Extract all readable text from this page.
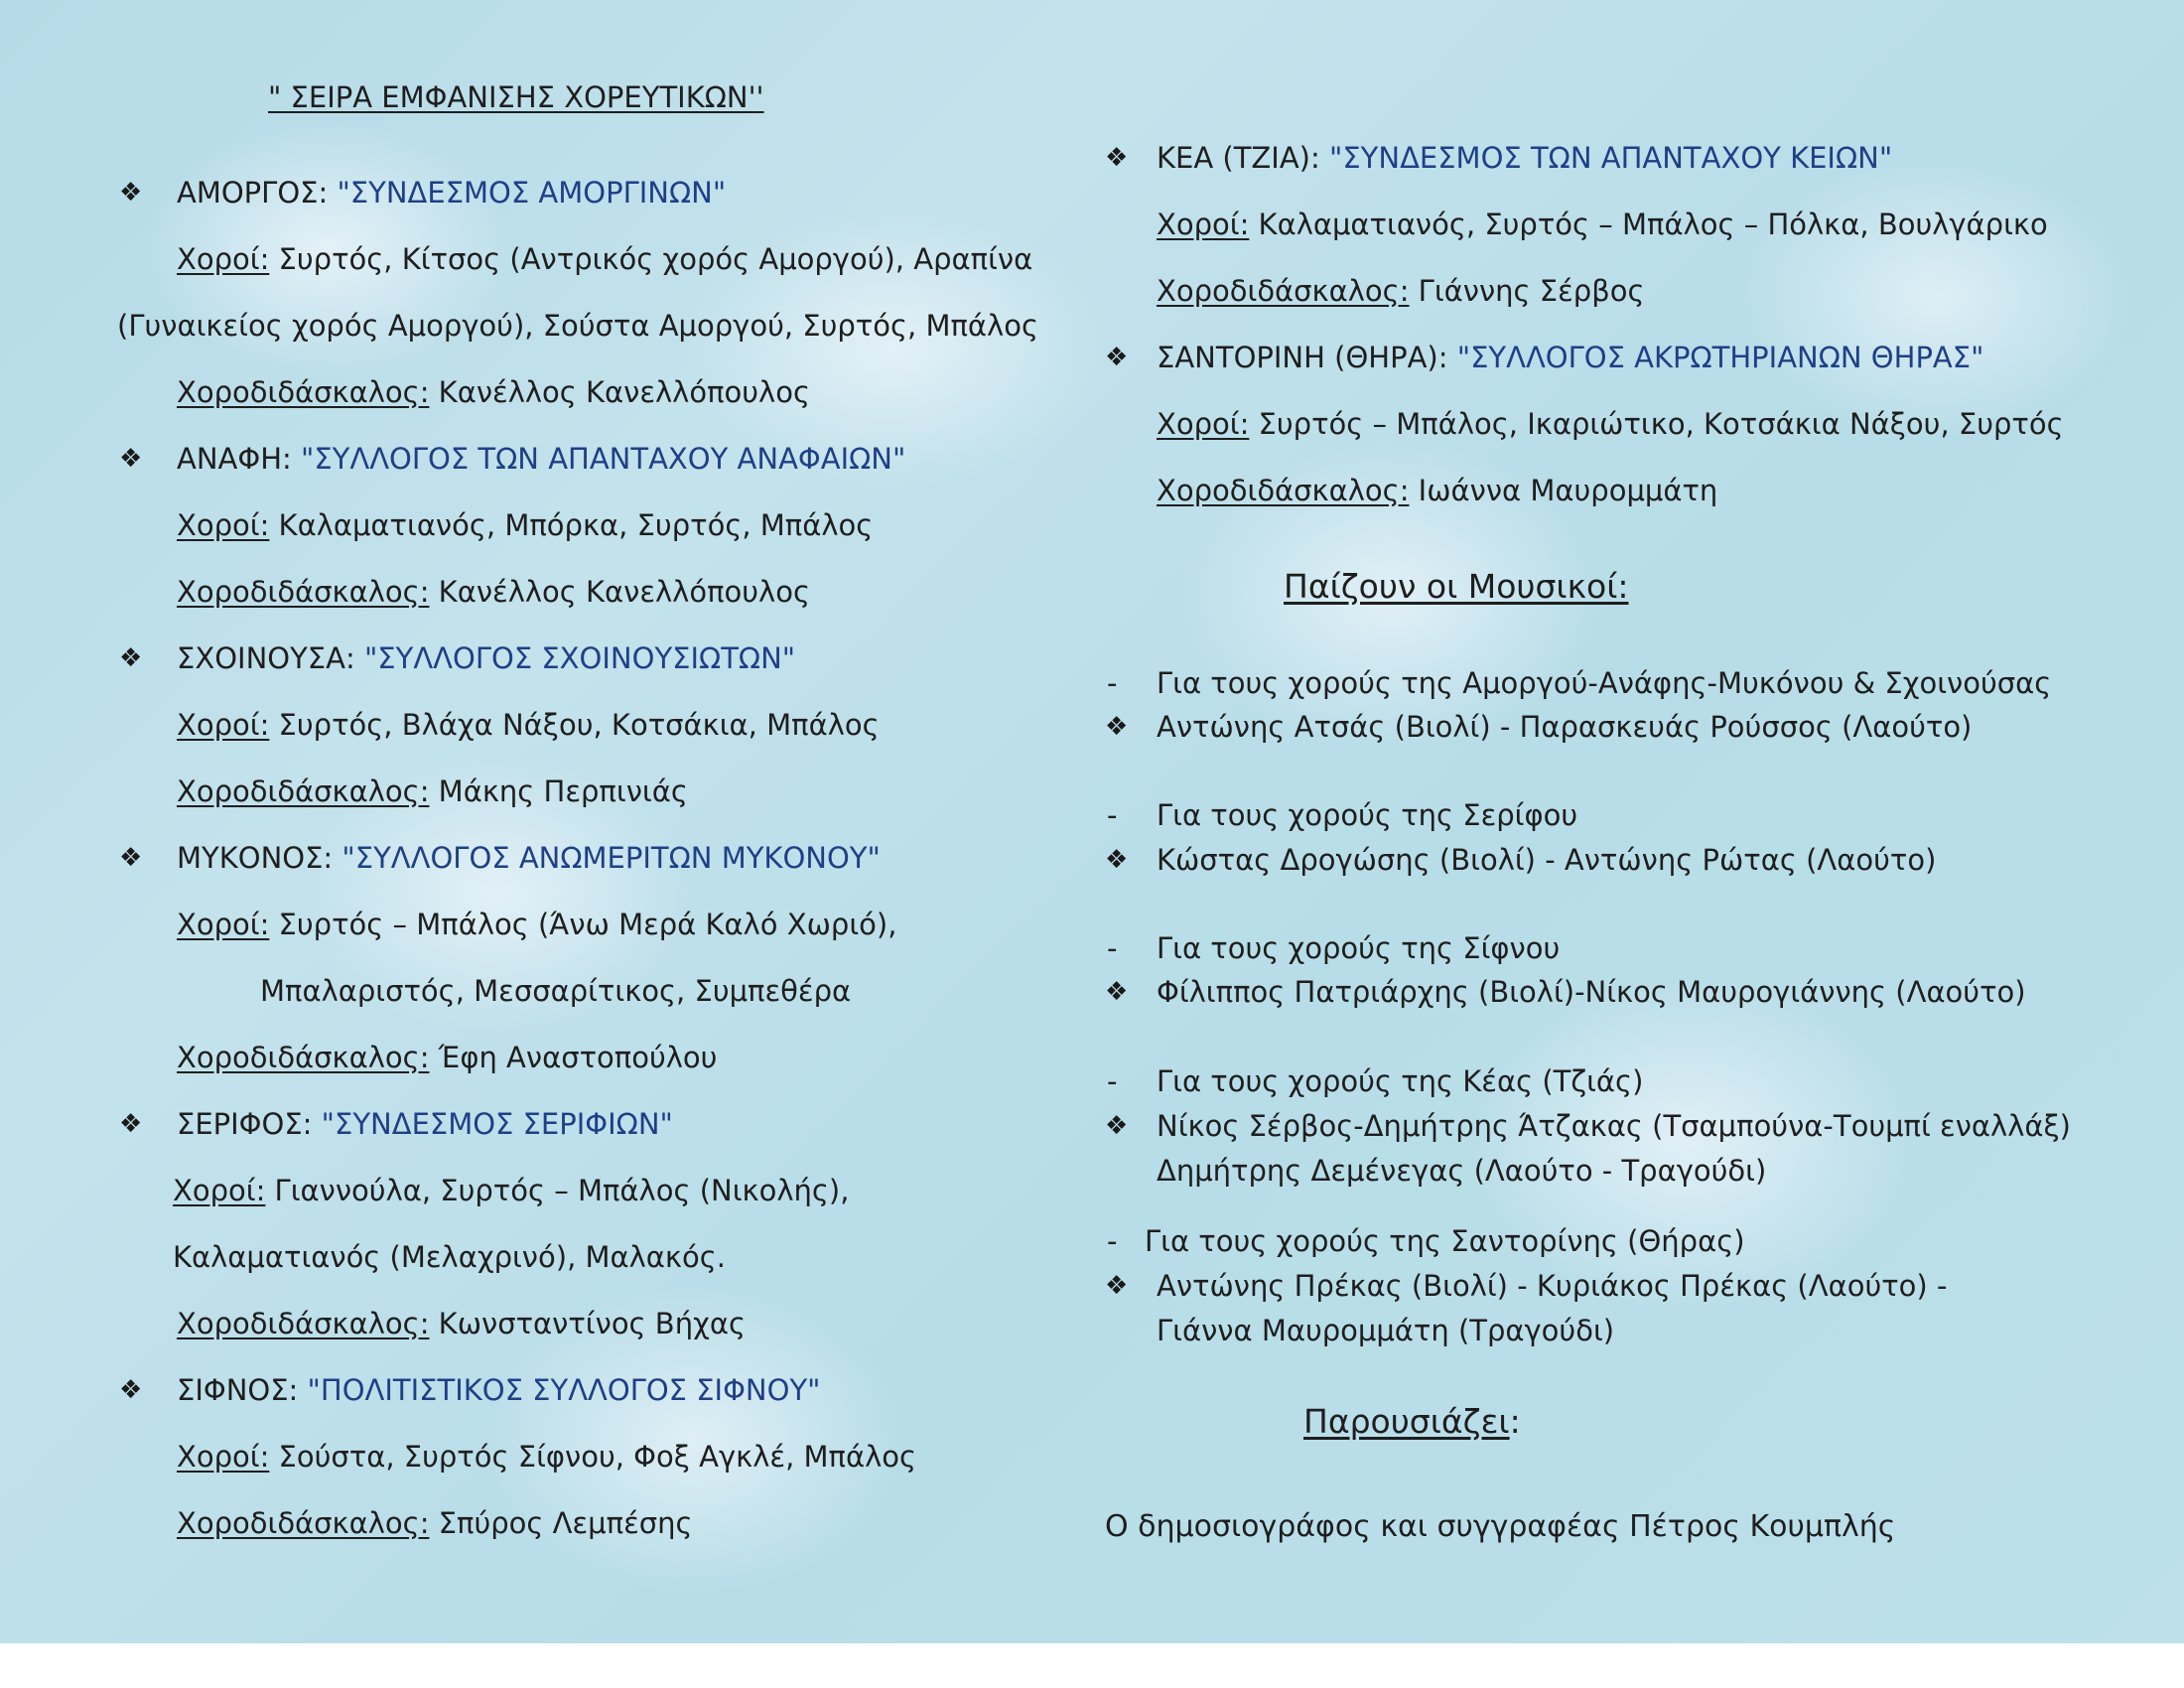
" ΣΕΙΡΑ ΕΜΦΑΝΙΣΗΣ ΧΟΡΕΥΤΙΚΩΝ''
❖ ΑΜΟΡΓΟΣ: "ΣΥΝΔΕΣΜΟΣ ΑΜΟΡΓΙΝΩΝ"
Χοροί: Συρτός, Κίτσος (Αντρικός χορός Αμοργού), Αραπίνα
(Γυναικείος χορός Αμοργού), Σούστα Αμοργού, Συρτός, Μπάλος
Χοροδιδάσκαλος: Κανέλλος Κανελλόπουλος
❖ ΑΝΑΦΗ: "ΣΥΛΛΟΓΟΣ ΤΩΝ ΑΠΑΝΤΑΧΟΥ ΑΝΑΦΑΙΩΝ"
Χοροί: Καλαματιανός, Μπόρκα, Συρτός, Μπάλος
Χοροδιδάσκαλος: Κανέλλος Κανελλόπουλος
❖ ΣΧΟΙΝΟΥΣΑ: "ΣΥΛΛΟΓΟΣ ΣΧΟΙΝΟΥΣΙΩΤΩΝ"
Χοροί: Συρτός, Βλάχα Νάξου, Κοτσάκια, Μπάλος
Χοροδιδάσκαλος: Μάκης Περπινιάς
❖ ΜΥΚΟΝΟΣ: "ΣΥΛΛΟΓΟΣ ΑΝΩΜΕΡΙΤΩΝ ΜΥΚΟΝΟΥ"
Χοροί: Συρτός – Μπάλος (Άνω Μερά Καλό Χωριό),
Μπαλαριστός, Μεσσαρίτικος, Συμπεθέρα
Χοροδιδάσκαλος: Έφη Αναστοπούλου
❖ ΣΕΡΙΦΟΣ: "ΣΥΝΔΕΣΜΟΣ ΣΕΡΙΦΙΩΝ"
Χοροί: Γιαννούλα, Συρτός – Μπάλος (Νικολής),
Καλαματιανός (Μελαχρινό), Μαλακός.
Χοροδιδάσκαλος: Κωνσταντίνος Βήχας
❖ ΣΙΦΝΟΣ: "ΠΟΛΙΤΙΣΤΙΚΟΣ ΣΥΛΛΟΓΟΣ ΣΙΦΝΟΥ"
Χοροί: Σούστα, Συρτός Σίφνου, Φοξ Αγκλέ, Μπάλος
Χοροδιδάσκαλος: Σπύρος Λεμπέσης
❖ ΚΕΑ (ΤΖΙΑ): "ΣΥΝΔΕΣΜΟΣ ΤΩΝ ΑΠΑΝΤΑΧΟΥ ΚΕΙΩΝ"
Χοροί: Καλαματιανός, Συρτός – Μπάλος – Πόλκα, Βουλγάρικο
Χοροδιδάσκαλος: Γιάννης Σέρβος
❖ ΣΑΝΤΟΡΙΝΗ (ΘΗΡΑ): "ΣΥΛΛΟΓΟΣ ΑΚΡΩΤΗΡΙΑΝΩΝ ΘΗΡΑΣ"
Χοροί: Συρτός – Μπάλος, Ικαριώτικο, Κοτσάκια Νάξου, Συρτός
Χοροδιδάσκαλος: Ιωάννα Μαυρομμάτη
Παίζουν οι Μουσικοί:
- Για τους χορούς της Αμοργού-Ανάφης-Μυκόνου & Σχοινούσας
❖ Αντώνης Ατσάς (Βιολί) - Παρασκευάς Ρούσσος (Λαούτο)
- Για τους χορούς της Σερίφου
❖ Κώστας Δρογώσης (Βιολί) - Αντώνης Ρώτας (Λαούτο)
- Για τους χορούς της Σίφνου
❖ Φίλιππος Πατριάρχης (Βιολί)-Νίκος Μαυρογιάννης (Λαούτο)
- Για τους χορούς της Κέας (Τζιάς)
❖ Νίκος Σέρβος-Δημήτρης Άτζακας (Τσαμπούνα-Τουμπί εναλλάξ)
Δημήτρης Δεμένεγας (Λαούτο - Τραγούδι)
- Για τους χορούς της Σαντορίνης (Θήρας)
❖ Αντώνης Πρέκας (Βιολί) - Κυριάκος Πρέκας (Λαούτο) -
Γιάννα Μαυρομμάτη (Τραγούδι)
Παρουσιάζει:
Ο δημοσιογράφος και συγγραφέας Πέτρος Κουμπλής
